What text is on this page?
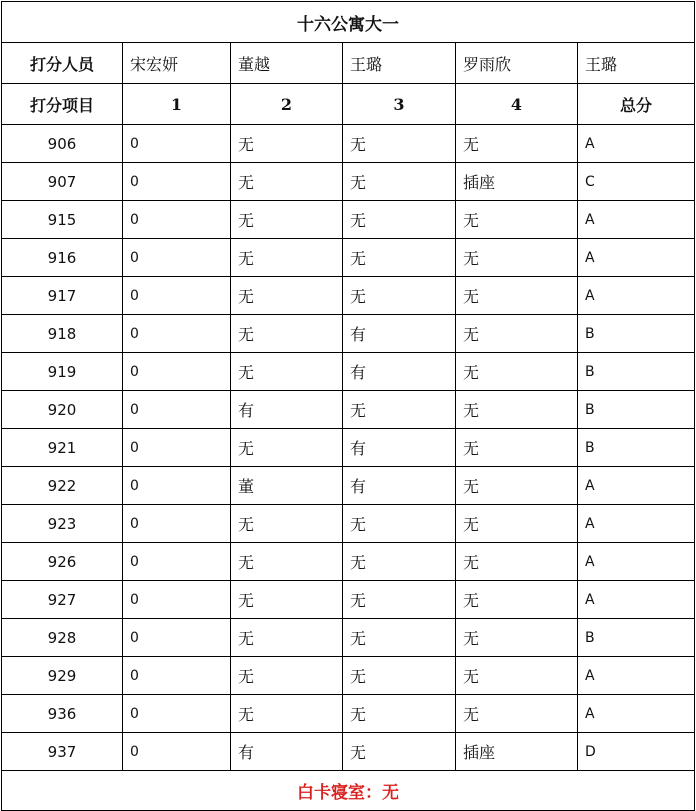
十六公寓大一					
打分人员	宋宏妍	董越	王璐	罗雨欣	王璐
打分项目	1	2	3	4	总分
906	0	无	无	无	A
907	0	无	无	插座	C
915	0	无	无	无	A
916	0	无	无	无	A
917	0	无	无	无	A
918	0	无	有	无	B
919	0	无	有	无	B
920	0	有	无	无	B
921	0	无	有	无	B
922	0	董	有	无	A
923	0	无	无	无	A
926	0	无	无	无	A
927	0	无	无	无	A
928	0	无	无	无	B
929	0	无	无	无	A
936	0	无	无	无	A
937	0	有	无	插座	D
白卡寝室：无					
